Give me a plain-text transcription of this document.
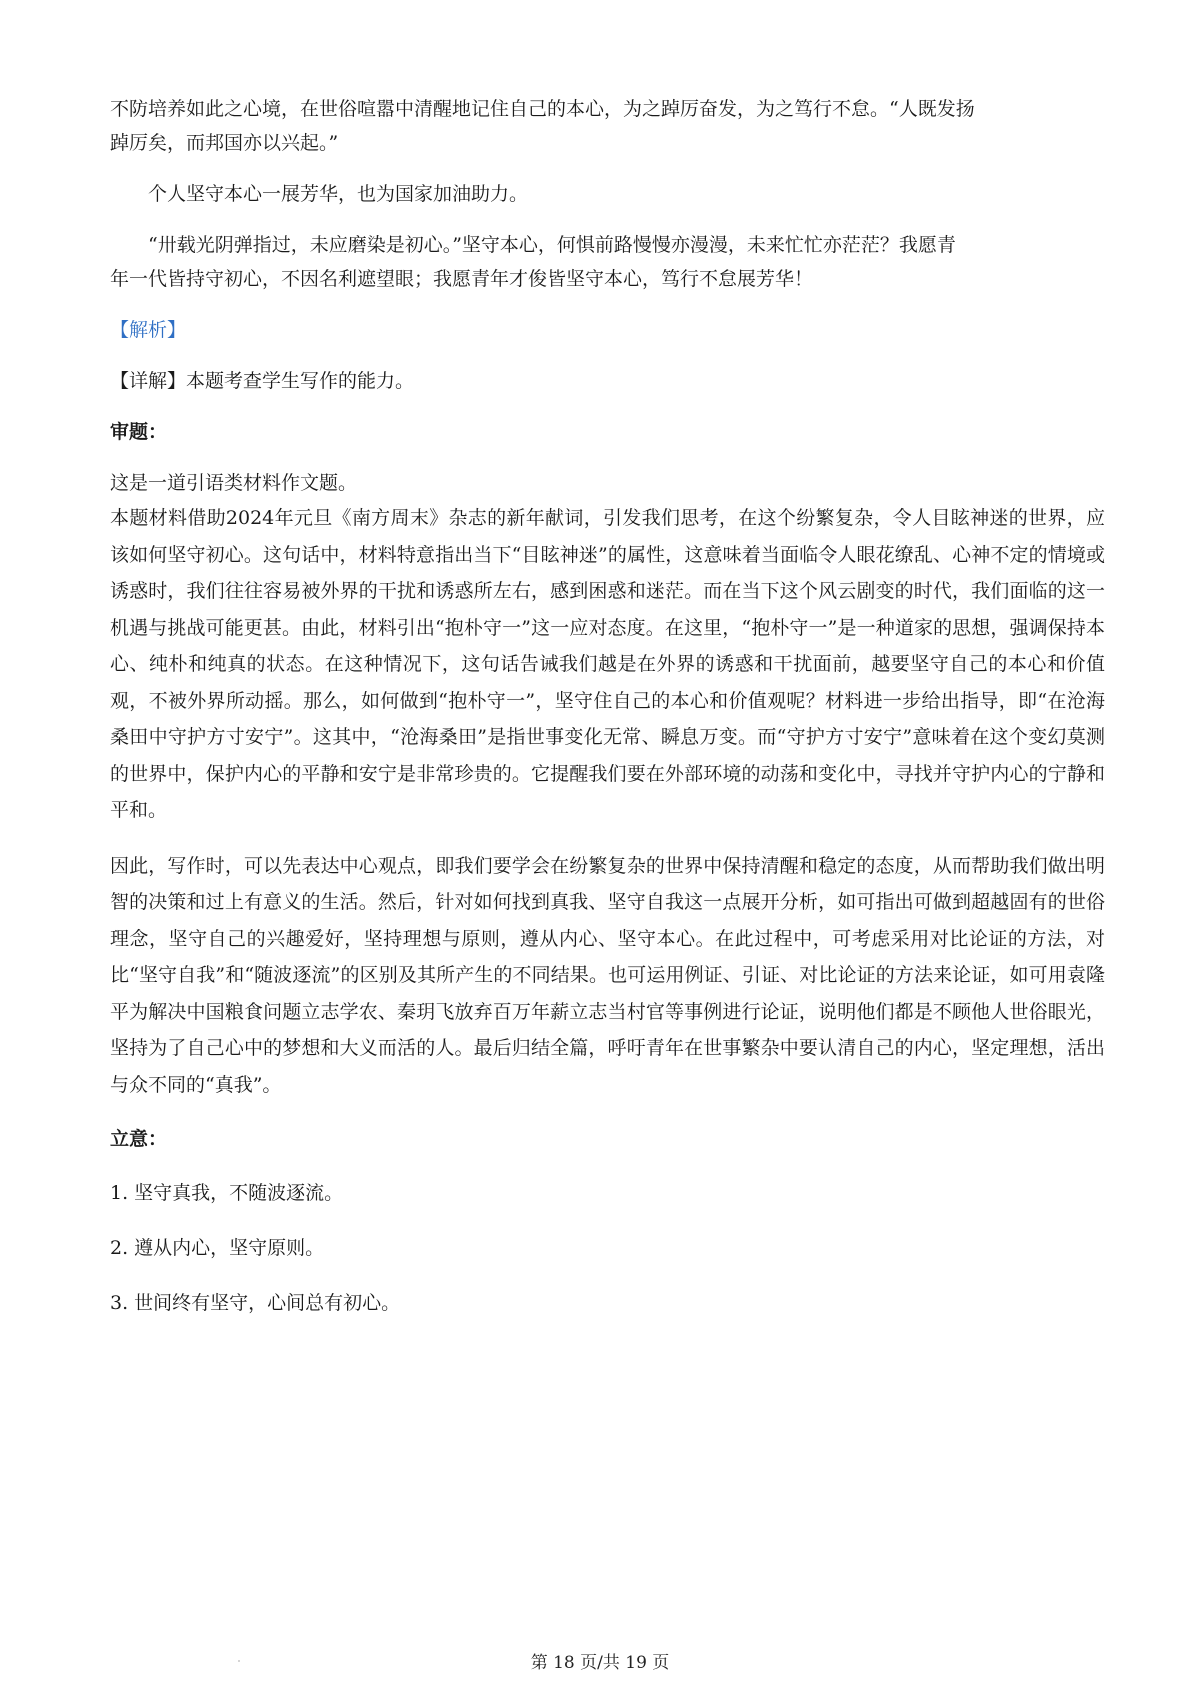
不防培养如此之心境，在世俗喧嚣中清醒地记住自己的本心，为之踔厉奋发，为之笃行不怠。“人既发扬

踔厉矣，而邦国亦以兴起。”

个人坚守本心一展芳华，也为国家加油助力。

“卅载光阴弹指过，未应磨染是初心。”坚守本心，何惧前路慢慢亦漫漫，未来忙忙亦茫茫？我愿青

年一代皆持守初心，不因名利遮望眼；我愿青年才俊皆坚守本心，笃行不怠展芳华！

【解析】

【详解】本题考查学生写作的能力。

审题：

这是一道引语类材料作文题。

本题材料借助2024年元旦《南方周末》杂志的新年献词，引发我们思考，在这个纷繁复杂，令人目眩神迷的世界，应该如何坚守初心。这句话中，材料特意指出当下“目眩神迷”的属性，这意味着当面临令人眼花缭乱、心神不定的情境或诱惑时，我们往往容易被外界的干扰和诱惑所左右，感到困惑和迷茫。而在当下这个风云剧变的时代，我们面临的这一机遇与挑战可能更甚。由此，材料引出“抱朴守一”这一应对态度。在这里，“抱朴守一”是一种道家的思想，强调保持本心、纯朴和纯真的状态。在这种情况下，这句话告诫我们越是在外界的诱惑和干扰面前，越要坚守自己的本心和价值观，不被外界所动摇。那么，如何做到“抱朴守一”，坚守住自己的本心和价值观呢？材料进一步给出指导，即“在沧海桑田中守护方寸安宁”。这其中，“沧海桑田”是指世事变化无常、瞬息万变。而“守护方寸安宁”意味着在这个变幻莫测的世界中，保护内心的平静和安宁是非常珍贵的。它提醒我们要在外部环境的动荡和变化中，寻找并守护内心的宁静和平和。

因此，写作时，可以先表达中心观点，即我们要学会在纷繁复杂的世界中保持清醒和稳定的态度，从而帮助我们做出明智的决策和过上有意义的生活。然后，针对如何找到真我、坚守自我这一点展开分析，如可指出可做到超越固有的世俗理念，坚守自己的兴趣爱好，坚持理想与原则，遵从内心、坚守本心。在此过程中，可考虑采用对比论证的方法，对比“坚守自我”和“随波逐流”的区别及其所产生的不同结果。也可运用例证、引证、对比论证的方法来论证，如可用袁隆平为解决中国粮食问题立志学农、秦玥飞放弃百万年薪立志当村官等事例进行论证，说明他们都是不顾他人世俗眼光，坚持为了自己心中的梦想和大义而活的人。最后归结全篇，呼吁青年在世事繁杂中要认清自己的内心，坚定理想，活出与众不同的“真我”。

立意：

1. 坚守真我，不随波逐流。

2. 遵从内心，坚守原则。

3. 世间终有坚守，心间总有初心。

第 18 页/共 19 页
